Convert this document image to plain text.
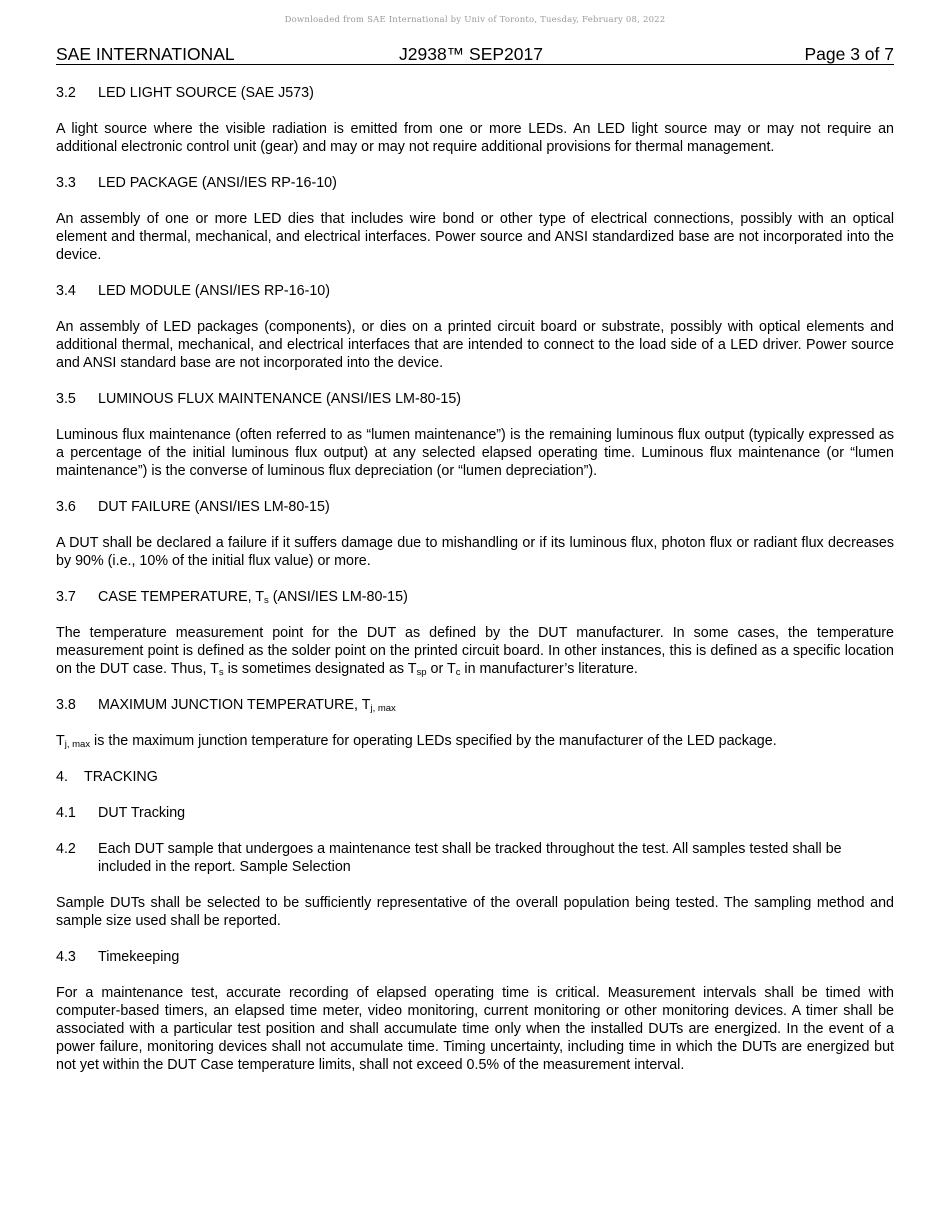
Downloaded from SAE International by Univ of Toronto, Tuesday, February 08, 2022
SAE INTERNATIONAL	J2938™ SEP2017	Page 3 of 7
3.2 LED LIGHT SOURCE (SAE J573)

A light source where the visible radiation is emitted from one or more LEDs. An LED light source may or may not require an additional electronic control unit (gear) and may or may not require additional provisions for thermal management.

3.3 LED PACKAGE (ANSI/IES RP-16-10)

An assembly of one or more LED dies that includes wire bond or other type of electrical connections, possibly with an optical element and thermal, mechanical, and electrical interfaces. Power source and ANSI standardized base are not incorporated into the device.

3.4 LED MODULE (ANSI/IES RP-16-10)

An assembly of LED packages (components), or dies on a printed circuit board or substrate, possibly with optical elements and additional thermal, mechanical, and electrical interfaces that are intended to connect to the load side of a LED driver. Power source and ANSI standard base are not incorporated into the device.

3.5 LUMINOUS FLUX MAINTENANCE (ANSI/IES LM-80-15)

Luminous flux maintenance (often referred to as “lumen maintenance”) is the remaining luminous flux output (typically expressed as a percentage of the initial luminous flux output) at any selected elapsed operating time. Luminous flux maintenance (or “lumen maintenance”) is the converse of luminous flux depreciation (or “lumen depreciation”).

3.6 DUT FAILURE (ANSI/IES LM-80-15)

A DUT shall be declared a failure if it suffers damage due to mishandling or if its luminous flux, photon flux or radiant flux decreases by 90% (i.e., 10% of the initial flux value) or more.

3.7 CASE TEMPERATURE, $T_s$ (ANSI/IES LM-80-15)

The temperature measurement point for the DUT as defined by the DUT manufacturer. In some cases, the temperature measurement point is defined as the solder point on the printed circuit board. In other instances, this is defined as a specific location on the DUT case. Thus, $T_s$ is sometimes designated as $T_{sp}$ or $T_c$ in manufacturer’s literature.

3.8 MAXIMUM JUNCTION TEMPERATURE, $T_{j, max}$

$T_{j, max}$ is the maximum junction temperature for operating LEDs specified by the manufacturer of the LED package.

4. TRACKING
4.1 DUT Tracking
4.2 Each DUT sample that undergoes a maintenance test shall be tracked throughout the test. All samples tested shall be included in the report. Sample Selection

Sample DUTs shall be selected to be sufficiently representative of the overall population being tested. The sampling method and sample size used shall be reported.

4.3 Timekeeping

For a maintenance test, accurate recording of elapsed operating time is critical. Measurement intervals shall be timed with computer-based timers, an elapsed time meter, video monitoring, current monitoring or other monitoring devices. A timer shall be associated with a particular test position and shall accumulate time only when the installed DUTs are energized. In the event of a power failure, monitoring devices shall not accumulate time. Timing uncertainty, including time in which the DUTs are energized but not yet within the DUT Case temperature limits, shall not exceed 0.5% of the measurement interval.
